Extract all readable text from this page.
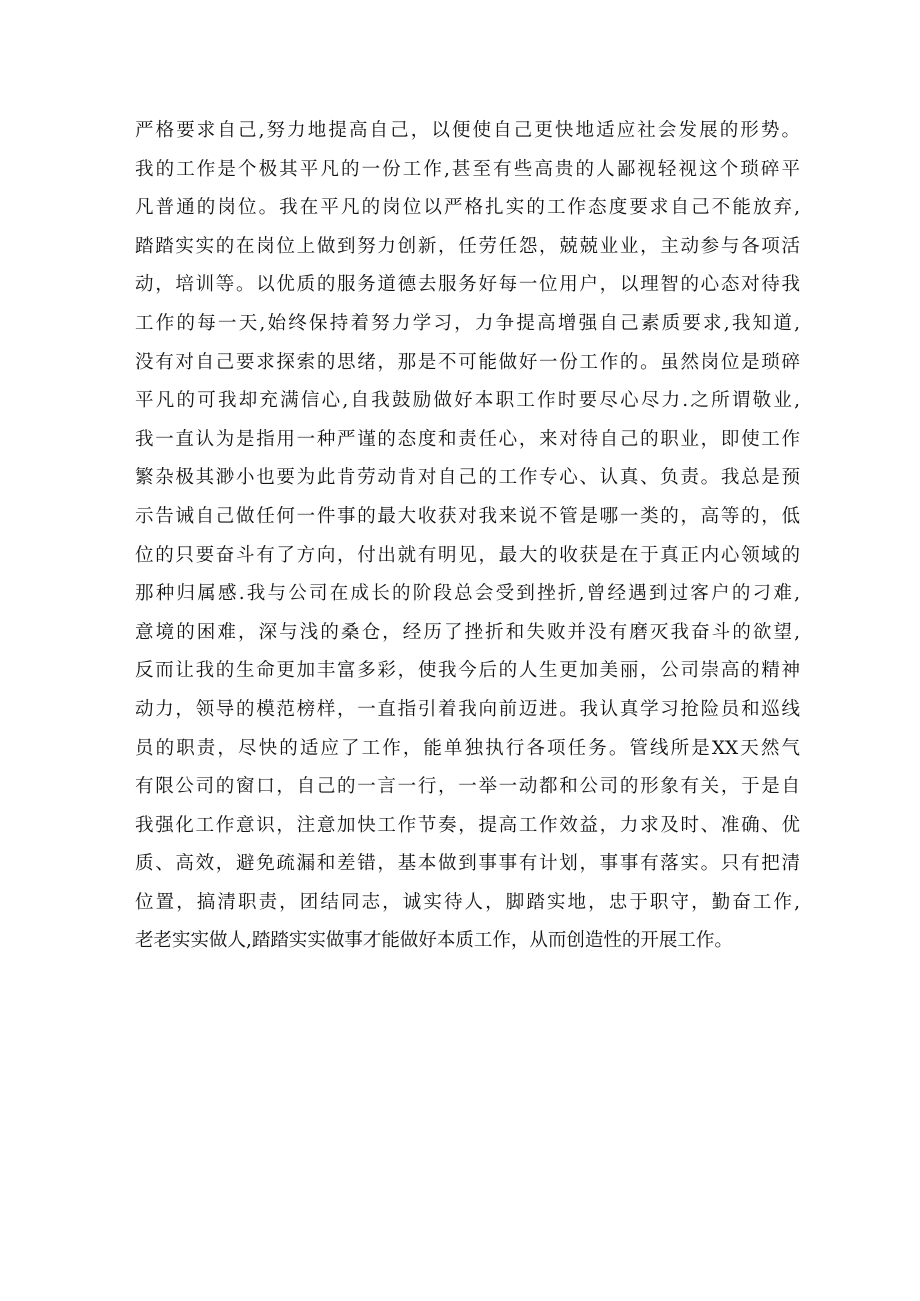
严格要求自己,努力地提高自己，以便使自己更快地适应社会发展的形势。
我的工作是个极其平凡的一份工作,甚至有些高贵的人鄙视轻视这个琐碎平
凡普通的岗位。我在平凡的岗位以严格扎实的工作态度要求自己不能放弃,
踏踏实实的在岗位上做到努力创新，任劳任怨，兢兢业业，主动参与各项活
动，培训等。以优质的服务道德去服务好每一位用户，以理智的心态对待我
工作的每一天,始终保持着努力学习，力争提高增强自己素质要求,我知道,
没有对自己要求探索的思绪，那是不可能做好一份工作的。虽然岗位是琐碎
平凡的可我却充满信心,自我鼓励做好本职工作时要尽心尽力.之所谓敬业,
我一直认为是指用一种严谨的态度和责任心，来对待自己的职业，即使工作
繁杂极其渺小也要为此肯劳动肯对自己的工作专心、认真、负责。我总是预
示告诫自己做任何一件事的最大收获对我来说不管是哪一类的，高等的，低
位的只要奋斗有了方向，付出就有明见，最大的收获是在于真正内心领域的
那种归属感.我与公司在成长的阶段总会受到挫折,曾经遇到过客户的刁难,
意境的困难，深与浅的桑仓，经历了挫折和失败并没有磨灭我奋斗的欲望,
反而让我的生命更加丰富多彩，使我今后的人生更加美丽，公司崇高的精神
动力，领导的模范榜样，一直指引着我向前迈进。我认真学习抢险员和巡线
员的职责，尽快的适应了工作，能单独执行各项任务。管线所是XX天然气
有限公司的窗口，自己的一言一行，一举一动都和公司的形象有关，于是自
我强化工作意识，注意加快工作节奏，提高工作效益，力求及时、准确、优
质、高效，避免疏漏和差错，基本做到事事有计划，事事有落实。只有把清
位置，搞清职责，团结同志，诚实待人，脚踏实地，忠于职守，勤奋工作,
老老实实做人,踏踏实实做事才能做好本质工作，从而创造性的开展工作。
